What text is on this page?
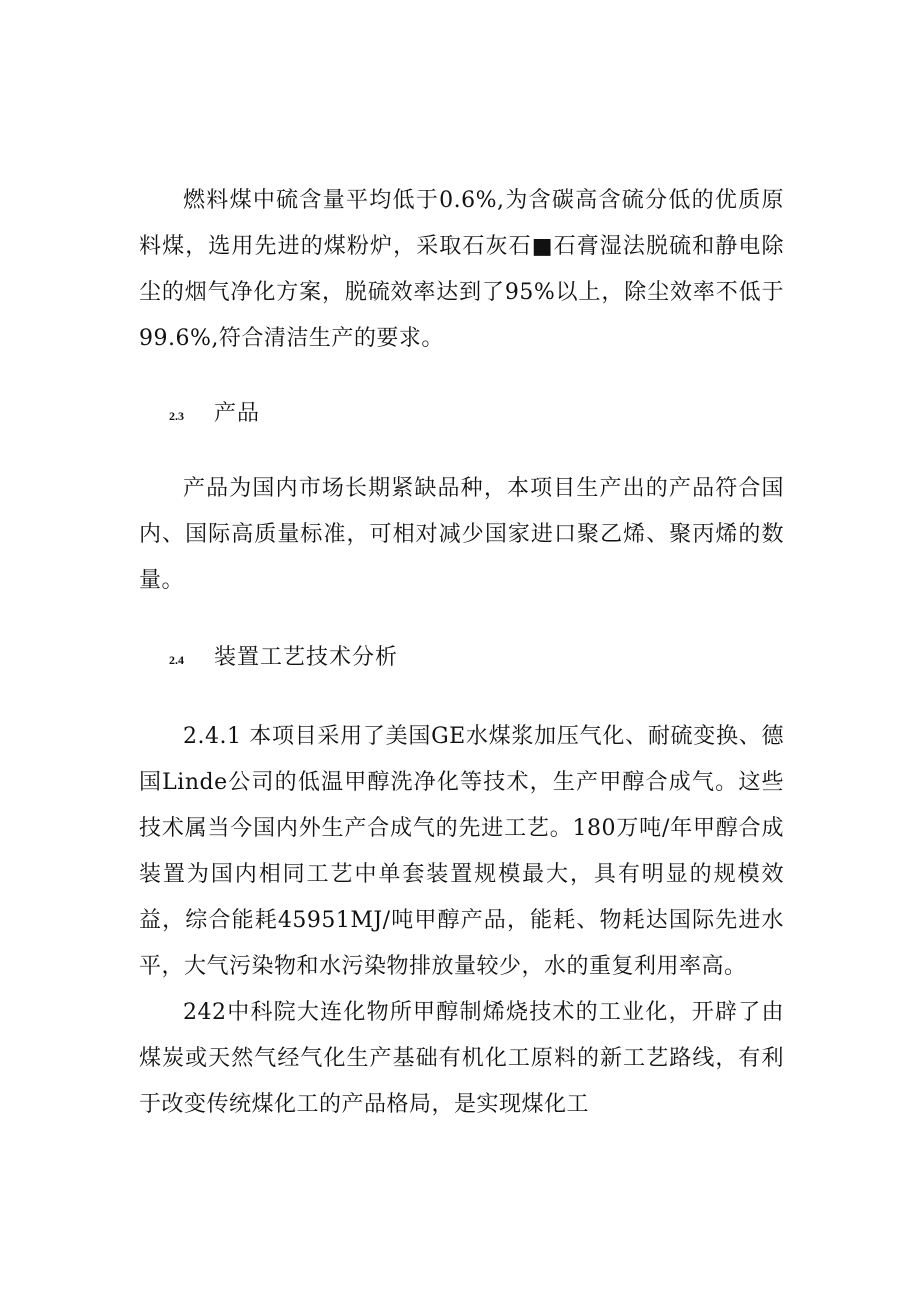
燃料煤中硫含量平均低于0.6%,为含碳高含硫分低的优质原料煤，选用先进的煤粉炉，采取石灰石■石膏湿法脱硫和静电除尘的烟气净化方案，脱硫效率达到了95%以上，除尘效率不低于99.6%,符合清洁生产的要求。

2.3	产品

产品为国内市场长期紧缺品种，本项目生产出的产品符合国内、国际高质量标准，可相对减少国家进口聚乙烯、聚丙烯的数量。

2.4	装置工艺技术分析

2.4.1 本项目采用了美国GE水煤浆加压气化、耐硫变换、德国Linde公司的低温甲醇洗净化等技术，生产甲醇合成气。这些技术属当今国内外生产合成气的先进工艺。180万吨/年甲醇合成装置为国内相同工艺中单套装置规模最大，具有明显的规模效益，综合能耗45951MJ/吨甲醇产品，能耗、物耗达国际先进水平，大气污染物和水污染物排放量较少，水的重复利用率高。

242中科院大连化物所甲醇制烯烧技术的工业化，开辟了由煤炭或天然气经气化生产基础有机化工原料的新工艺路线，有利于改变传统煤化工的产品格局，是实现煤化工
